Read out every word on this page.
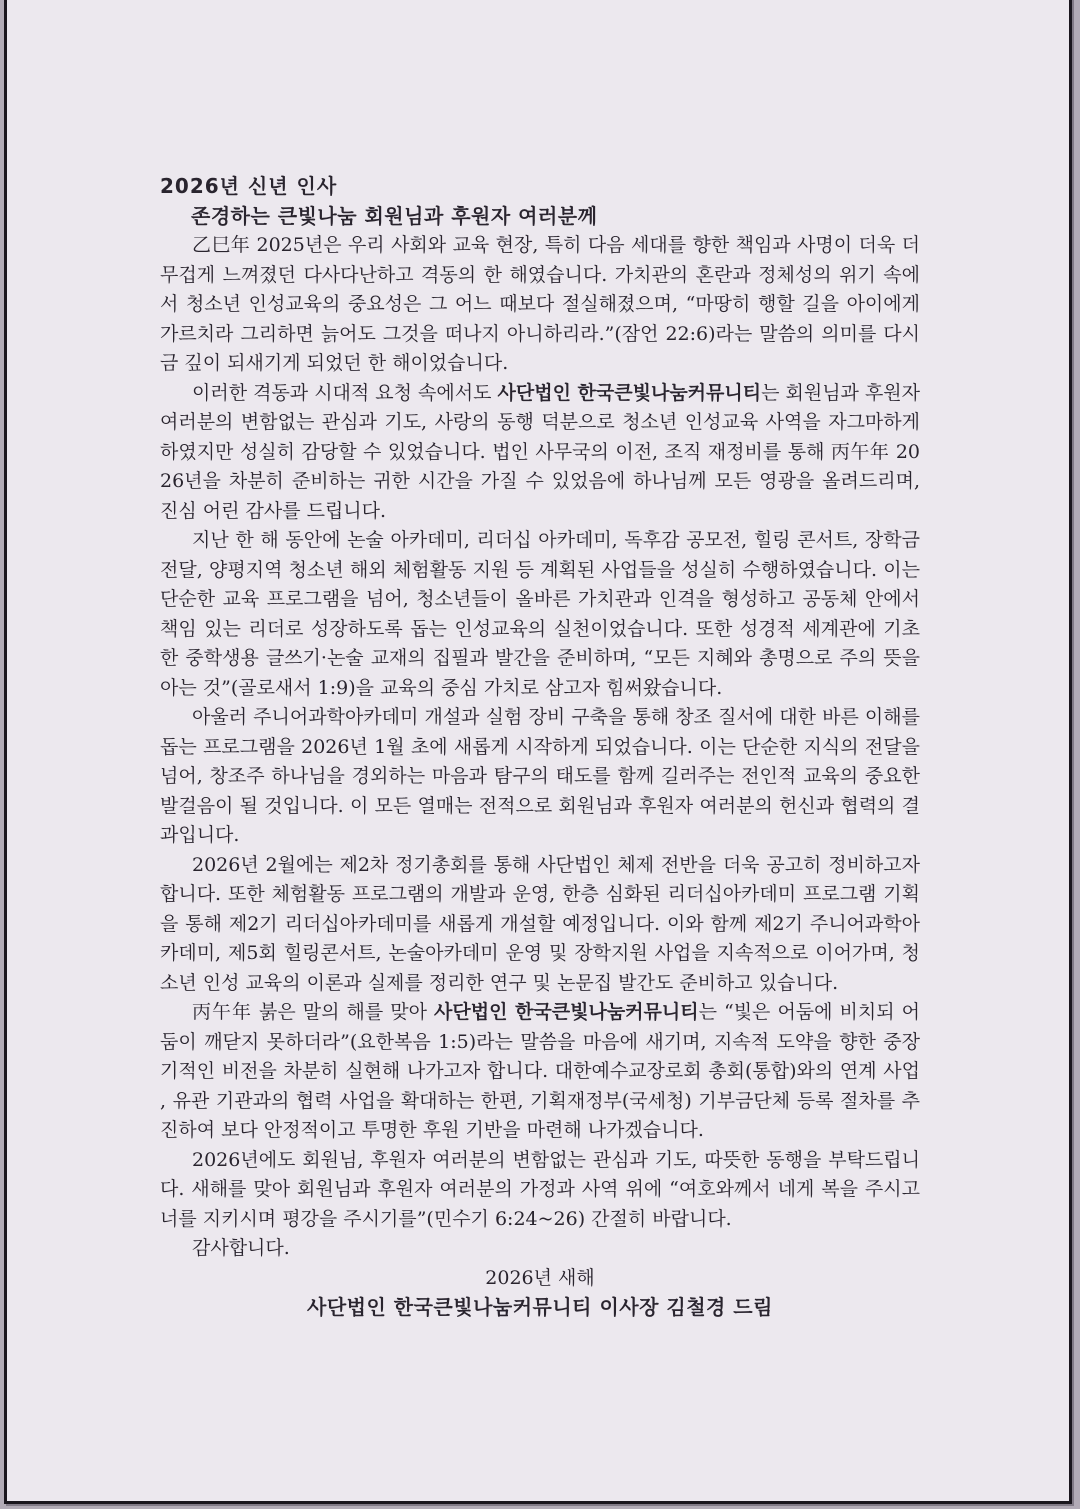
2026년 신년 인사

존경하는 큰빛나눔 회원님과 후원자 여러분께

乙巳年 2025년은 우리 사회와 교육 현장, 특히 다음 세대를 향한 책임과 사명이 더욱 더 무겁게 느껴졌던 다사다난하고 격동의 한 해였습니다. 가치관의 혼란과 정체성의 위기 속에서 청소년 인성교육의 중요성은 그 어느 때보다 절실해졌으며, “마땅히 행할 길을 아이에게 가르치라 그리하면 늙어도 그것을 떠나지 아니하리라.”(잠언 22:6)라는 말씀의 의미를 다시금 깊이 되새기게 되었던 한 해이었습니다.

이러한 격동과 시대적 요청 속에서도 사단법인 한국큰빛나눔커뮤니티는 회원님과 후원자 여러분의 변함없는 관심과 기도, 사랑의 동행 덕분으로 청소년 인성교육 사역을 자그마하게 하였지만 성실히 감당할 수 있었습니다. 법인 사무국의 이전, 조직 재정비를 통해 丙午年 2026년을 차분히 준비하는 귀한 시간을 가질 수 있었음에 하나님께 모든 영광을 올려드리며, 진심 어린 감사를 드립니다.

지난 한 해 동안에 논술 아카데미, 리더십 아카데미, 독후감 공모전, 힐링 콘서트, 장학금 전달, 양평지역 청소년 해외 체험활동 지원 등 계획된 사업들을 성실히 수행하였습니다. 이는 단순한 교육 프로그램을 넘어, 청소년들이 올바른 가치관과 인격을 형성하고 공동체 안에서 책임 있는 리더로 성장하도록 돕는 인성교육의 실천이었습니다. 또한 성경적 세계관에 기초한 중학생용 글쓰기·논술 교재의 집필과 발간을 준비하며, “모든 지혜와 총명으로 주의 뜻을 아는 것”(골로새서 1:9)을 교육의 중심 가치로 삼고자 힘써왔습니다.

아울러 주니어과학아카데미 개설과 실험 장비 구축을 통해 창조 질서에 대한 바른 이해를 돕는 프로그램을 2026년 1월 초에 새롭게 시작하게 되었습니다. 이는 단순한 지식의 전달을 넘어, 창조주 하나님을 경외하는 마음과 탐구의 태도를 함께 길러주는 전인적 교육의 중요한 발걸음이 될 것입니다. 이 모든 열매는 전적으로 회원님과 후원자 여러분의 헌신과 협력의 결과입니다.

2026년 2월에는 제2차 정기총회를 통해 사단법인 체제 전반을 더욱 공고히 정비하고자 합니다. 또한 체험활동 프로그램의 개발과 운영, 한층 심화된 리더십아카데미 프로그램 기획을 통해 제2기 리더십아카데미를 새롭게 개설할 예정입니다. 이와 함께 제2기 주니어과학아카데미, 제5회 힐링콘서트, 논술아카데미 운영 및 장학지원 사업을 지속적으로 이어가며, 청소년 인성 교육의 이론과 실제를 정리한 연구 및 논문집 발간도 준비하고 있습니다.

丙午年 붉은 말의 해를 맞아 사단법인 한국큰빛나눔커뮤니티는 “빛은 어둠에 비치되 어둠이 깨닫지 못하더라”(요한복음 1:5)라는 말씀을 마음에 새기며, 지속적 도약을 향한 중장기적인 비전을 차분히 실현해 나가고자 합니다. 대한예수교장로회 총회(통합)와의 연계 사업, 유관 기관과의 협력 사업을 확대하는 한편, 기획재정부(국세청) 기부금단체 등록 절차를 추진하여 보다 안정적이고 투명한 후원 기반을 마련해 나가겠습니다.

2026년에도 회원님, 후원자 여러분의 변함없는 관심과 기도, 따뜻한 동행을 부탁드립니다. 새해를 맞아 회원님과 후원자 여러분의 가정과 사역 위에 “여호와께서 네게 복을 주시고 너를 지키시며 평강을 주시기를”(민수기 6:24~26) 간절히 바랍니다.

감사합니다.

2026년 새해

사단법인 한국큰빛나눔커뮤니티 이사장 김철경 드림
